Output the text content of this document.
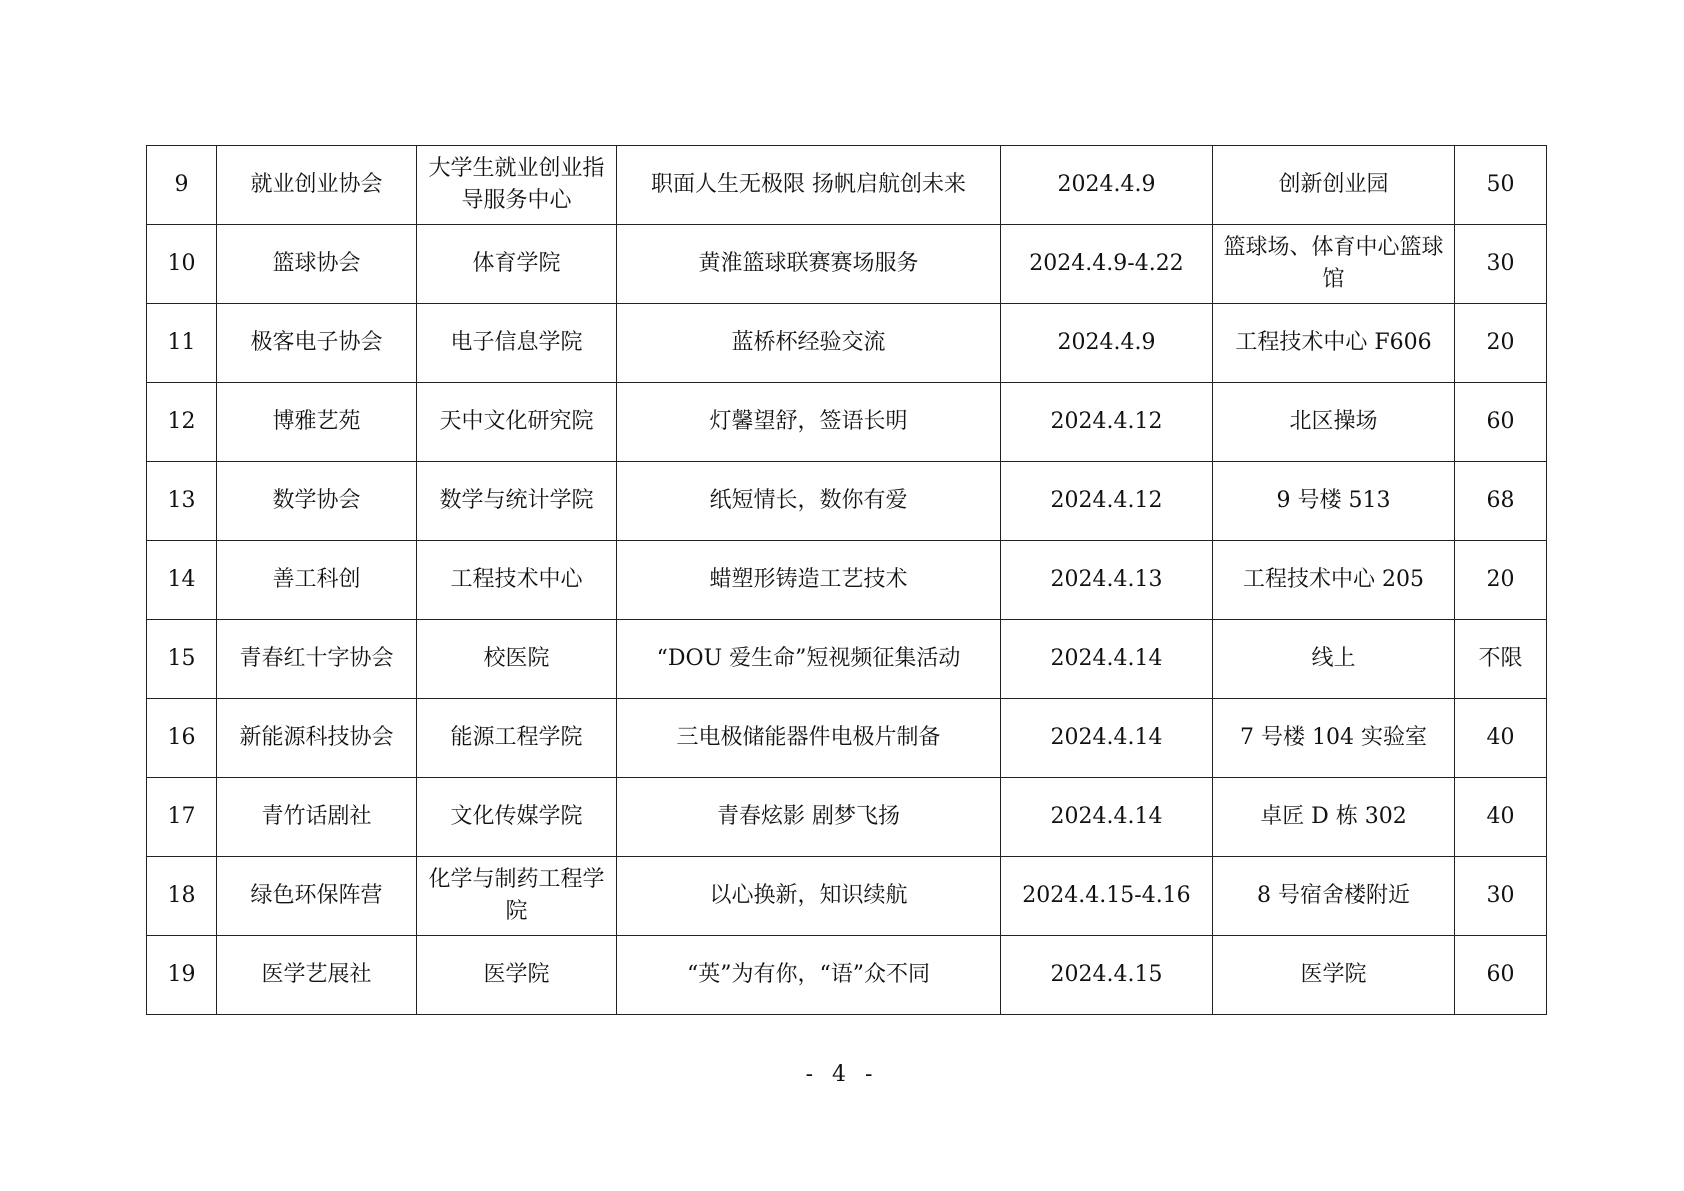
9	就业创业协会	大学生就业创业指导服务中心	职面人生无极限 扬帆启航创未来	2024.4.9	创新创业园	50
10	篮球协会	体育学院	黄淮篮球联赛赛场服务	2024.4.9-4.22	篮球场、体育中心篮球馆	30
11	极客电子协会	电子信息学院	蓝桥杯经验交流	2024.4.9	工程技术中心 F606	20
12	博雅艺苑	天中文化研究院	灯馨望舒，签语长明	2024.4.12	北区操场	60
13	数学协会	数学与统计学院	纸短情长，数你有爱	2024.4.12	9 号楼 513	68
14	善工科创	工程技术中心	蜡塑形铸造工艺技术	2024.4.13	工程技术中心 205	20
15	青春红十字协会	校医院	“DOU 爱生命”短视频征集活动	2024.4.14	线上	不限
16	新能源科技协会	能源工程学院	三电极储能器件电极片制备	2024.4.14	7 号楼 104 实验室	40
17	青竹话剧社	文化传媒学院	青春炫影 剧梦飞扬	2024.4.14	卓匠 D 栋 302	40
18	绿色环保阵营	化学与制药工程学院	以心换新，知识续航	2024.4.15-4.16	8 号宿舍楼附近	30
19	医学艺展社	医学院	“英”为有你，“语”众不同	2024.4.15	医学院	60
- 4 -
